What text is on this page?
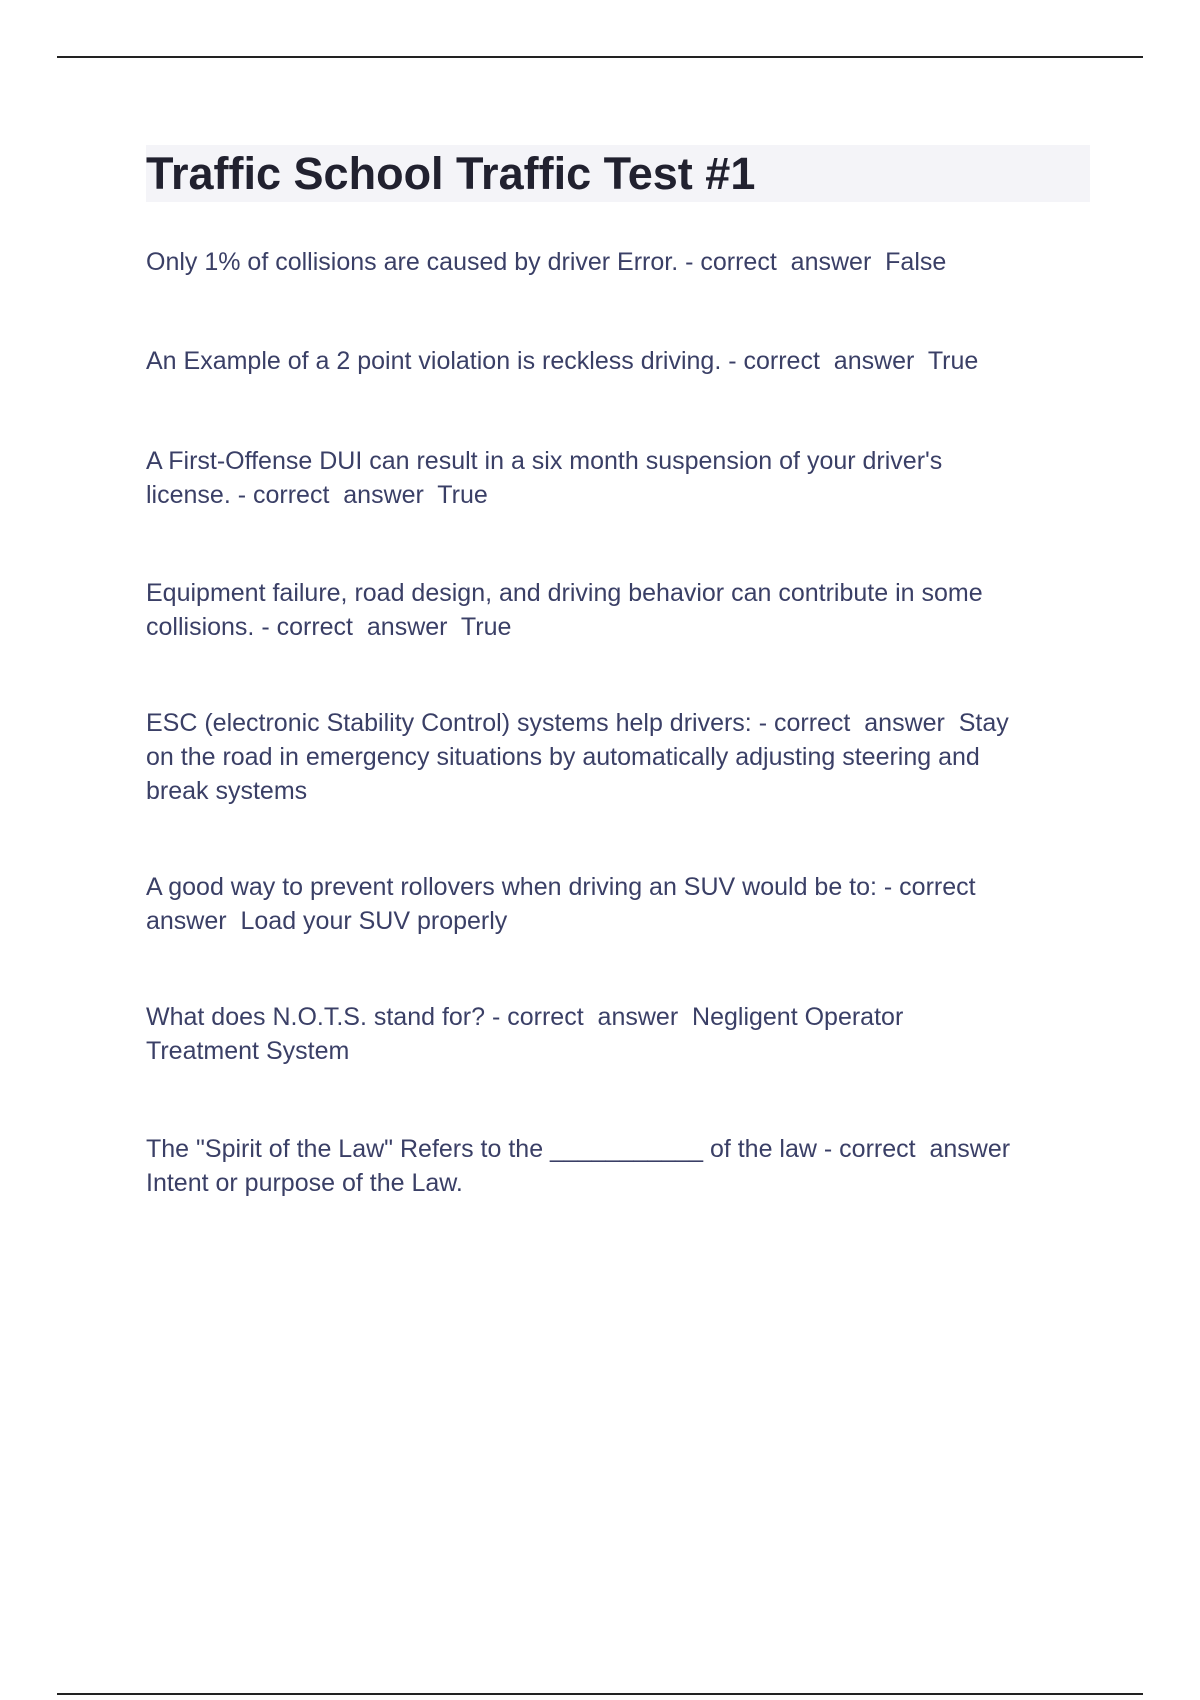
Traffic School Traffic Test #1

Only 1% of collisions are caused by driver Error. - correct  answer  False

An Example of a 2 point violation is reckless driving. - correct  answer  True

A First-Offense DUI can result in a six month suspension of your driver's
license. - correct  answer  True

Equipment failure, road design, and driving behavior can contribute in some
collisions. - correct  answer  True

ESC (electronic Stability Control) systems help drivers: - correct  answer  Stay
on the road in emergency situations by automatically adjusting steering and
break systems

A good way to prevent rollovers when driving an SUV would be to: - correct
answer  Load your SUV properly

What does N.O.T.S. stand for? - correct  answer  Negligent Operator
Treatment System

The "Spirit of the Law" Refers to the ___________ of the law - correct  answer
Intent or purpose of the Law.
